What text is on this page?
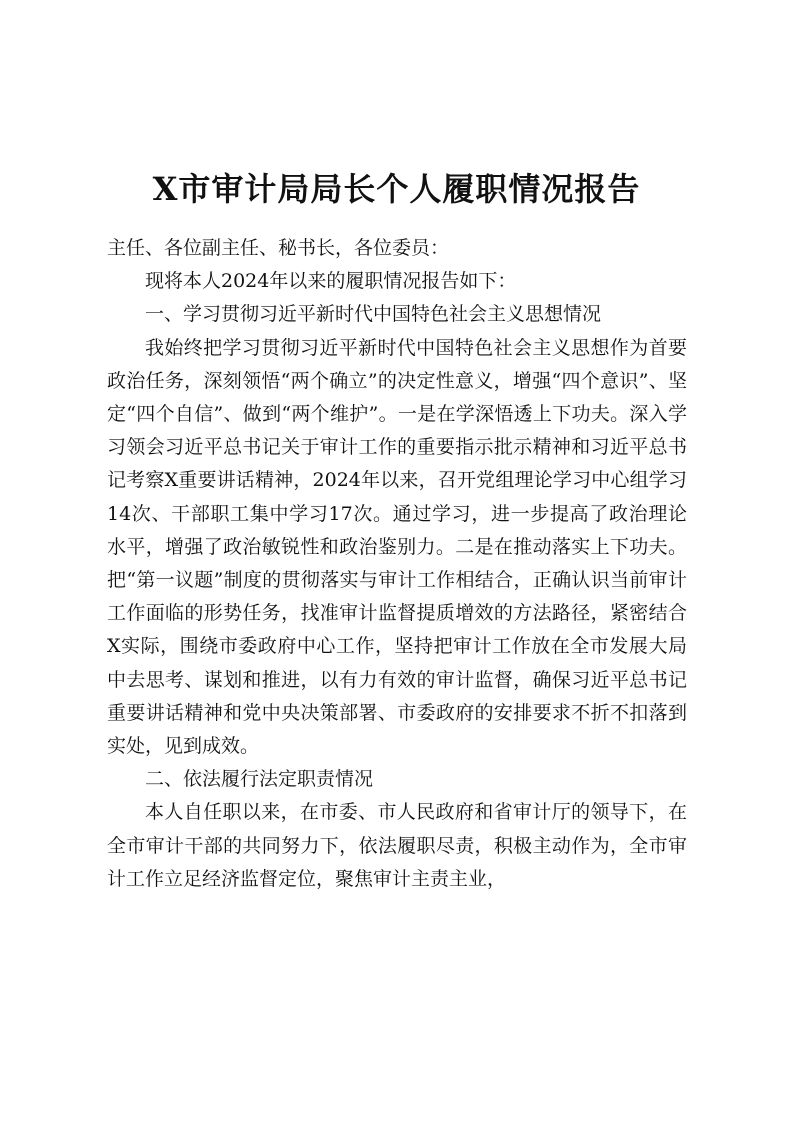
X市审计局局长个人履职情况报告

主任、各位副主任、秘书长，各位委员：

现将本人2024年以来的履职情况报告如下：

一、学习贯彻习近平新时代中国特色社会主义思想情况

我始终把学习贯彻习近平新时代中国特色社会主义思想作为首要政治任务，深刻领悟“两个确立”的决定性意义，增强“四个意识”、坚定“四个自信”、做到“两个维护”。一是在学深悟透上下功夫。深入学习领会习近平总书记关于审计工作的重要指示批示精神和习近平总书记考察X重要讲话精神，2024年以来，召开党组理论学习中心组学习14次、干部职工集中学习17次。通过学习，进一步提高了政治理论水平，增强了政治敏锐性和政治鉴别力。二是在推动落实上下功夫。把“第一议题”制度的贯彻落实与审计工作相结合，正确认识当前审计工作面临的形势任务，找准审计监督提质增效的方法路径，紧密结合X实际，围绕市委政府中心工作，坚持把审计工作放在全市发展大局中去思考、谋划和推进，以有力有效的审计监督，确保习近平总书记重要讲话精神和党中央决策部署、市委政府的安排要求不折不扣落到实处，见到成效。

二、依法履行法定职责情况

本人自任职以来，在市委、市人民政府和省审计厅的领导下，在全市审计干部的共同努力下，依法履职尽责，积极主动作为，全市审计工作立足经济监督定位，聚焦审计主责主业，
